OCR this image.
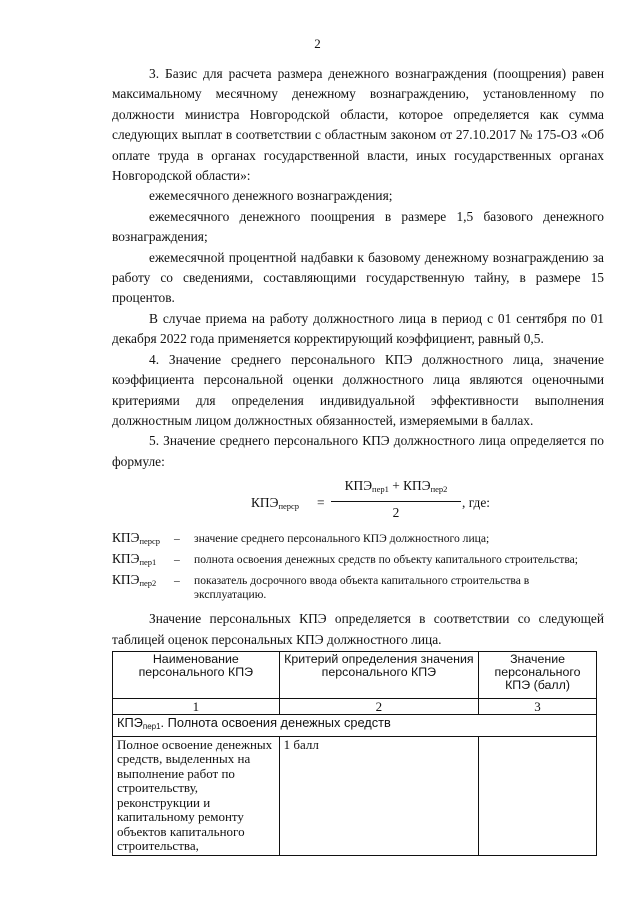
2

3. Базис для расчета размера денежного вознаграждения (поощрения) равен максимальному месячному денежному вознаграждению, установленному по должности министра Новгородской области, которое определяется как сумма следующих выплат в соответствии с областным законом от 27.10.2017 № 175-ОЗ «Об оплате труда в органах государственной власти, иных государственных органах Новгородской области»:

ежемесячного денежного вознаграждения;

ежемесячного денежного поощрения в размере 1,5 базового денежного вознаграждения;

ежемесячной процентной надбавки к базовому денежному вознаграждению за работу со сведениями, составляющими государственную тайну, в размере 15 процентов.

В случае приема на работу должностного лица в период с 01 сентября по 01 декабря 2022 года применяется корректирующий коэффициент, равный 0,5.

4. Значение среднего персонального КПЭ должностного лица, значение коэффициента персональной оценки должностного лица являются оценочными критериями для определения индивидуальной эффективности выполнения должностным лицом должностных обязанностей, измеряемыми в баллах.

5. Значение среднего персонального КПЭ должностного лица определяется по формуле:

$КПЭ_{перср}$ =
$КПЭ_{пер1} + КПЭ_{пер2}$
2
, где:
$КПЭ_{перср}$ – значение среднего персонального КПЭ должностного лица;
$КПЭ_{пер1}$ – полнота освоения денежных средств по объекту капитального строительства;
$КПЭ_{пер2}$ – показатель досрочного ввода объекта капитального строительства в эксплуатацию.

Значение персональных КПЭ определяется в соответствии со следующей таблицей оценок персональных КПЭ должностного лица.

Наименование персонального КПЭ	Критерий определения значения персонального КПЭ	Значение персонального КПЭ (балл)
1	2	3
$КПЭ_{пер1}$. Полнота освоения денежных средств		
Полное освоение денежных средств, выделенных на выполнение работ по строительству, реконструкции и капитальному ремонту объектов капитального строительства,	1 балл	
